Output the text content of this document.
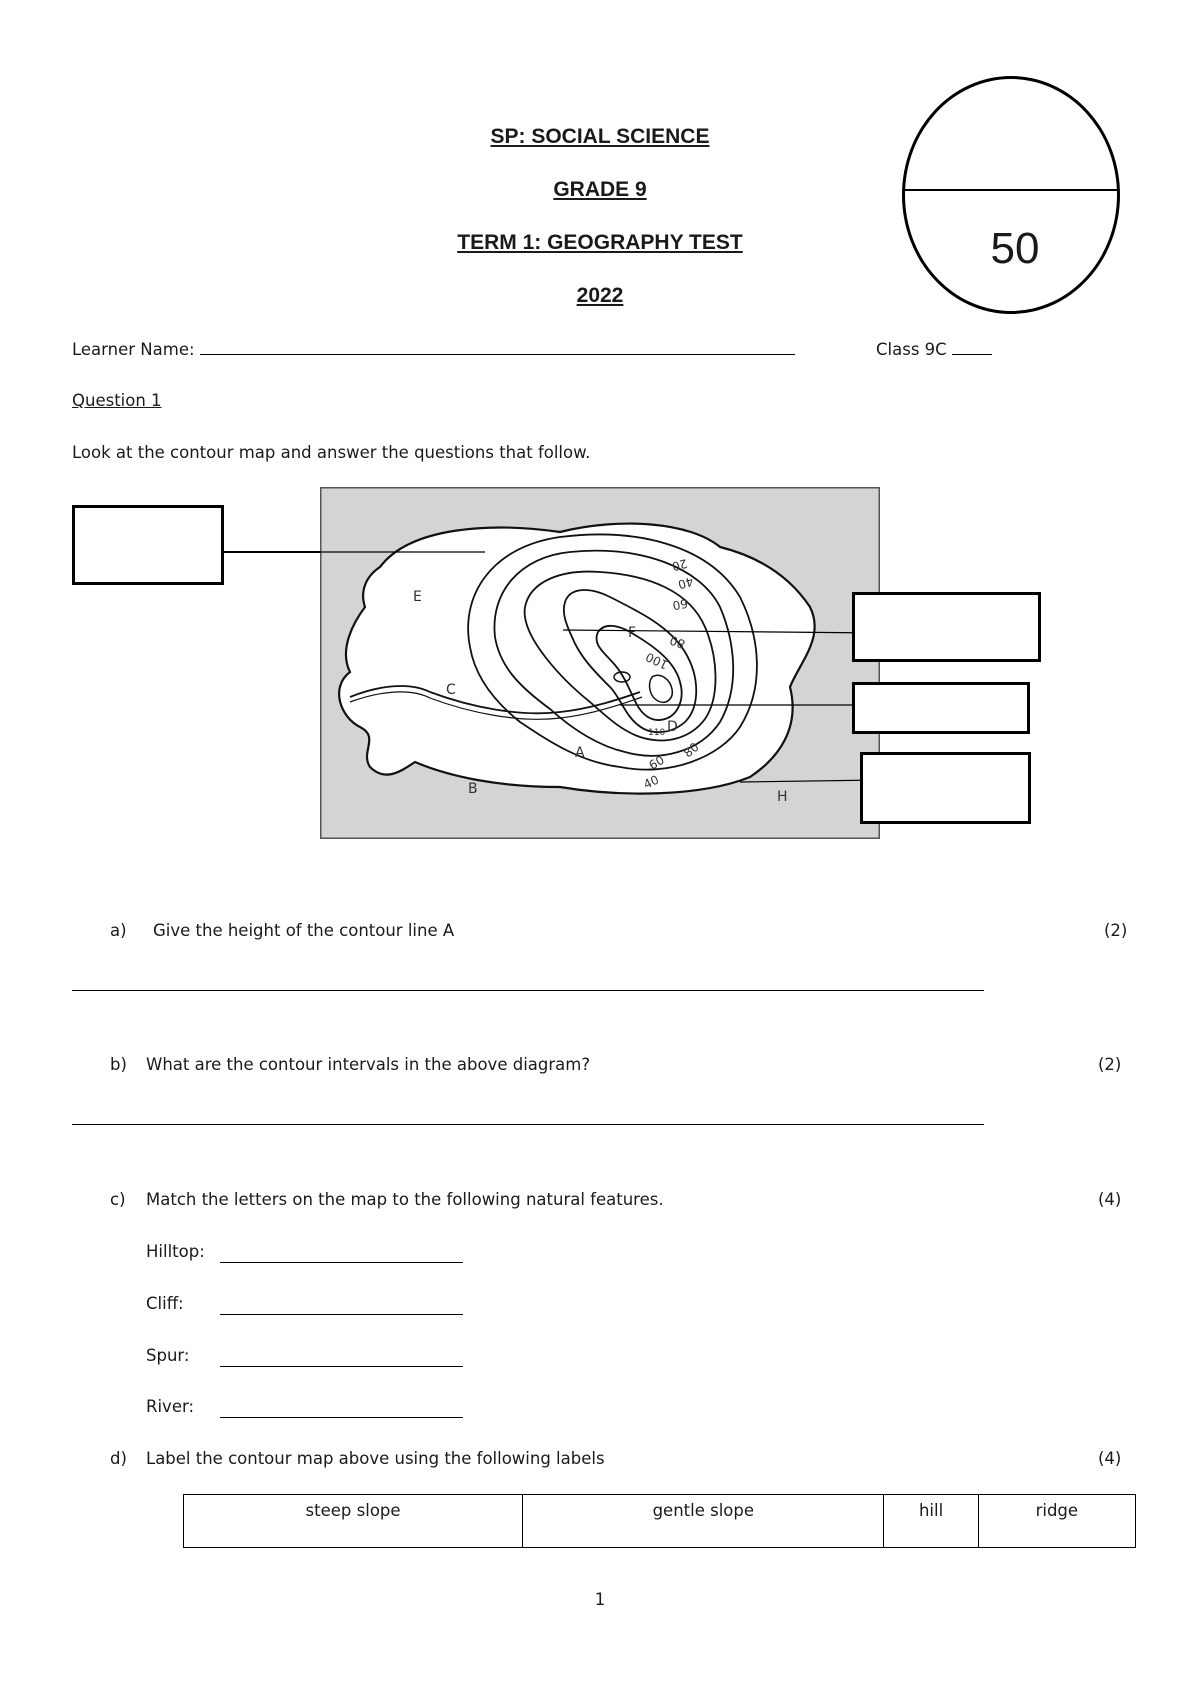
SP: SOCIAL SCIENCE
GRADE 9
TERM 1: GEOGRAPHY TEST
2022
50
Learner Name:	Class 9C
Question 1
Look at the contour map and answer the questions that follow.
E
C
A
B
F
D
H
20
40
60
80
100
60
80
40
110
a) Give the height of the contour line A	(2)
b) What are the contour intervals in the above diagram?	(2)
c) Match the letters on the map to the following natural features.	(4)
Hilltop:
Cliff:
Spur:
River:
d) Label the contour map above using the following labels	(4)
steep slope	gentle slope	hill	ridge
1
